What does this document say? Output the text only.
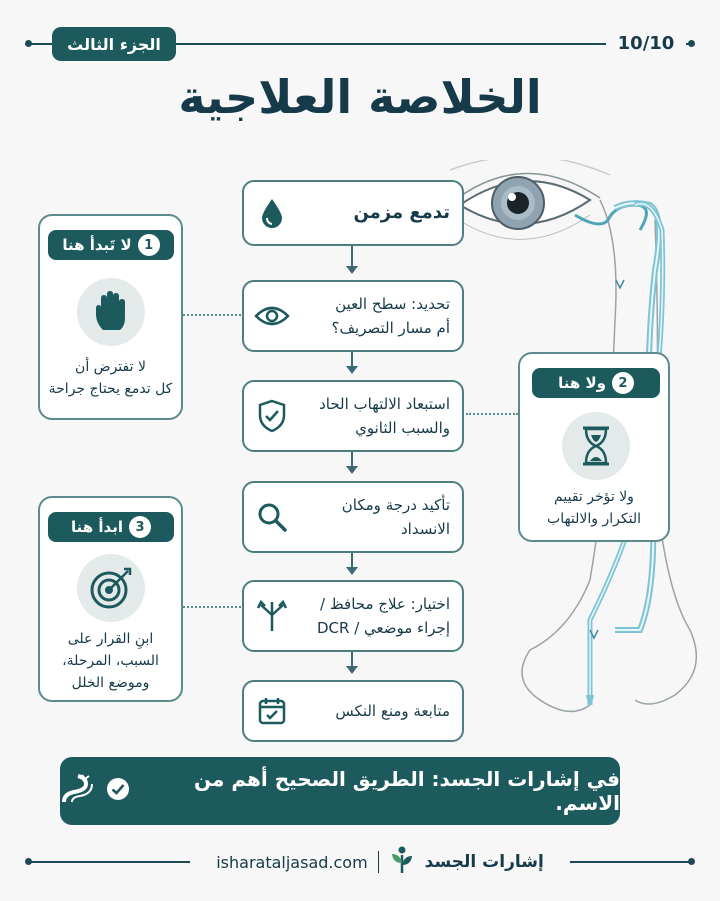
الجزء الثالث	10/10
الخلاصة العلاجية
تدمع مزمن
تحديد: سطح العين
أم مسار التصريف؟
استبعاد الالتهاب الحاد
والسبب الثانوي
تأكيد درجة ومكان
الانسداد
اختيار: علاج محافظ /
إجراء موضعي / DCR
متابعة ومنع النكس
1
لا تَبدأ هنا
لا تفترض أن
كل تدمع يحتاج جراحة	2
ولا هنا
ولا تؤخر تقييم
التكرار والالتهاب
3
ابدأ هنا
ابنِ القرار على
السبب، المرحلة،
وموضع الخلل
في إشارات الجسد: الطريق الصحيح أهم من الاسم.
isharataljasad.com	إشارات الجسد
